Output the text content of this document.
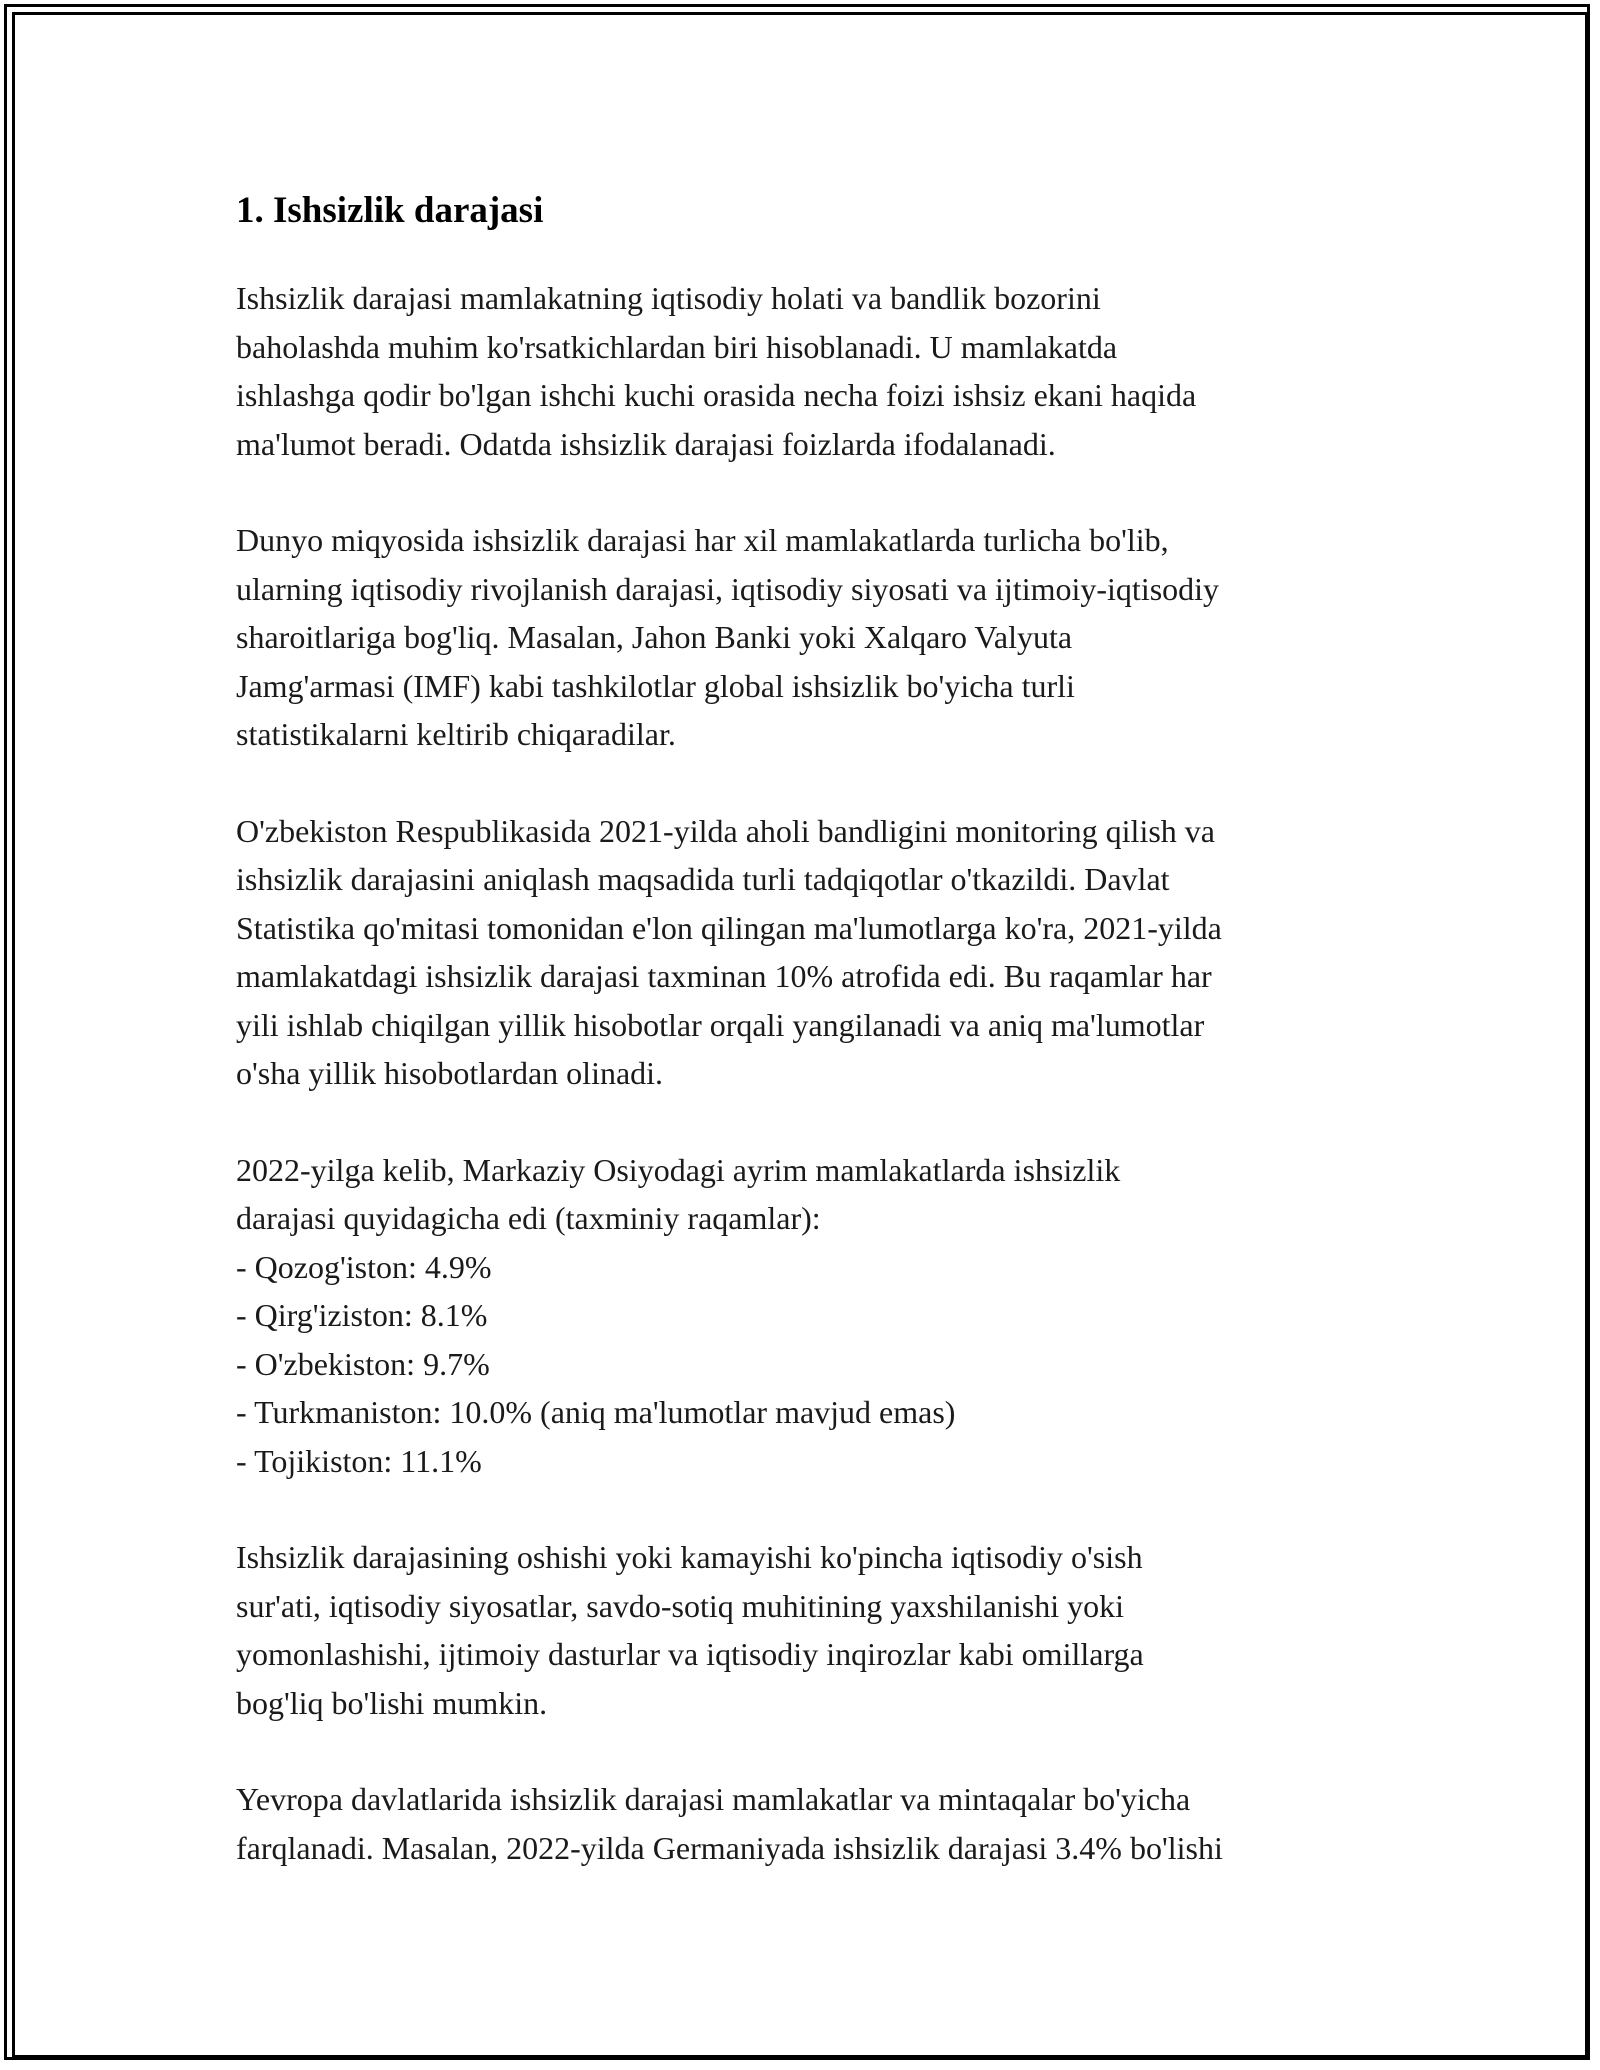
1. Ishsizlik darajasi

Ishsizlik darajasi mamlakatning iqtisodiy holati va bandlik bozorini
baholashda muhim ko'rsatkichlardan biri hisoblanadi. U mamlakatda
ishlashga qodir bo'lgan ishchi kuchi orasida necha foizi ishsiz ekani haqida
ma'lumot beradi. Odatda ishsizlik darajasi foizlarda ifodalanadi.

Dunyo miqyosida ishsizlik darajasi har xil mamlakatlarda turlicha bo'lib,
ularning iqtisodiy rivojlanish darajasi, iqtisodiy siyosati va ijtimoiy-iqtisodiy
sharoitlariga bog'liq. Masalan, Jahon Banki yoki Xalqaro Valyuta
Jamg'armasi (IMF) kabi tashkilotlar global ishsizlik bo'yicha turli
statistikalarni keltirib chiqaradilar.

O'zbekiston Respublikasida 2021-yilda aholi bandligini monitoring qilish va
ishsizlik darajasini aniqlash maqsadida turli tadqiqotlar o'tkazildi. Davlat
Statistika qo'mitasi tomonidan e'lon qilingan ma'lumotlarga ko'ra, 2021-yilda
mamlakatdagi ishsizlik darajasi taxminan 10% atrofida edi. Bu raqamlar har
yili ishlab chiqilgan yillik hisobotlar orqali yangilanadi va aniq ma'lumotlar
o'sha yillik hisobotlardan olinadi.

2022-yilga kelib, Markaziy Osiyodagi ayrim mamlakatlarda ishsizlik
darajasi quyidagicha edi (taxminiy raqamlar):
- Qozog'iston: 4.9%
- Qirg'iziston: 8.1%
- O'zbekiston: 9.7%
- Turkmaniston: 10.0% (aniq ma'lumotlar mavjud emas)
- Tojikiston: 11.1%

Ishsizlik darajasining oshishi yoki kamayishi ko'pincha iqtisodiy o'sish
sur'ati, iqtisodiy siyosatlar, savdo-sotiq muhitining yaxshilanishi yoki
yomonlashishi, ijtimoiy dasturlar va iqtisodiy inqirozlar kabi omillarga
bog'liq bo'lishi mumkin.

Yevropa davlatlarida ishsizlik darajasi mamlakatlar va mintaqalar bo'yicha
farqlanadi. Masalan, 2022-yilda Germaniyada ishsizlik darajasi 3.4% bo'lishi
